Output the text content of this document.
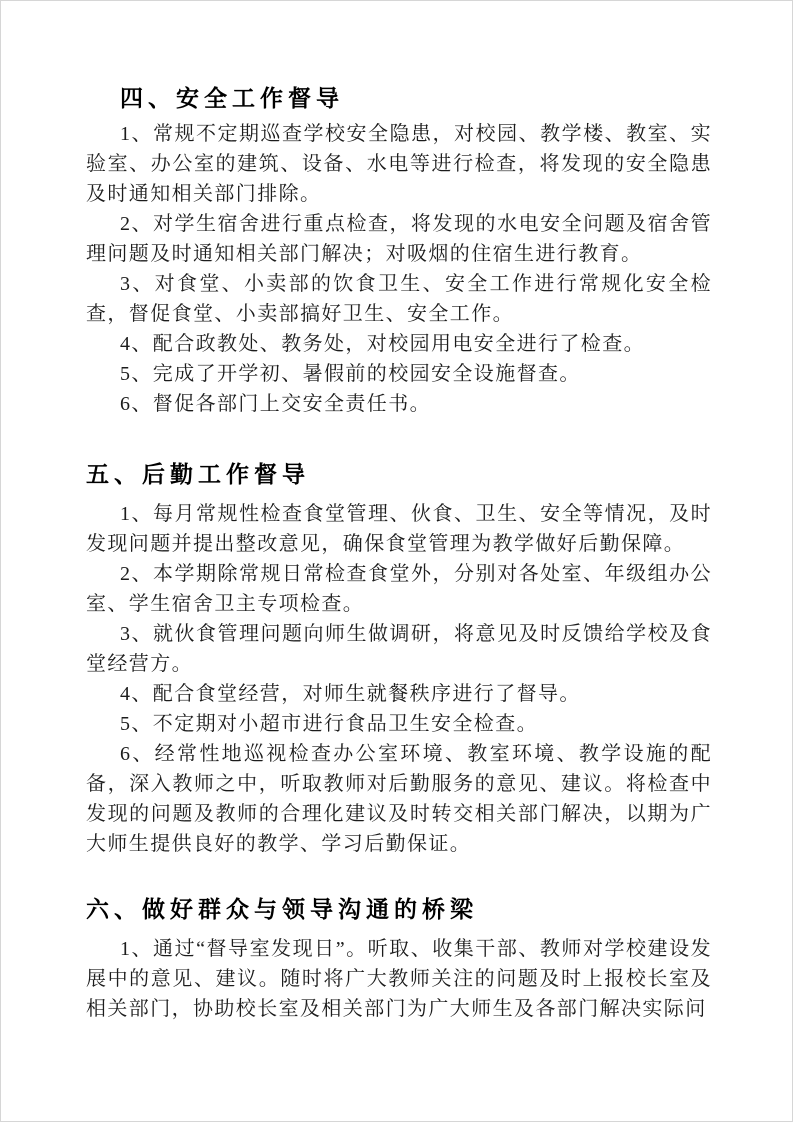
四、安全工作督导

1、常规不定期巡查学校安全隐患，对校园、教学楼、教室、实验室、办公室的建筑、设备、水电等进行检查，将发现的安全隐患及时通知相关部门排除。

2、对学生宿舍进行重点检查，将发现的水电安全问题及宿舍管理问题及时通知相关部门解决；对吸烟的住宿生进行教育。

3、对食堂、小卖部的饮食卫生、安全工作进行常规化安全检查，督促食堂、小卖部搞好卫生、安全工作。

4、配合政教处、教务处，对校园用电安全进行了检查。

5、完成了开学初、暑假前的校园安全设施督查。

6、督促各部门上交安全责任书。

五、后勤工作督导

1、每月常规性检查食堂管理、伙食、卫生、安全等情况，及时发现问题并提出整改意见，确保食堂管理为教学做好后勤保障。

2、本学期除常规日常检查食堂外，分别对各处室、年级组办公室、学生宿舍卫主专项检查。

3、就伙食管理问题向师生做调研，将意见及时反馈给学校及食堂经营方。

4、配合食堂经营，对师生就餐秩序进行了督导。

5、不定期对小超市进行食品卫生安全检查。

6、经常性地巡视检查办公室环境、教室环境、教学设施的配备，深入教师之中，听取教师对后勤服务的意见、建议。将检查中发现的问题及教师的合理化建议及时转交相关部门解决，以期为广大师生提供良好的教学、学习后勤保证。

六、做好群众与领导沟通的桥梁

1、通过“督导室发现日”。听取、收集干部、教师对学校建设发展中的意见、建议。随时将广大教师关注的问题及时上报校长室及相关部门，协助校长室及相关部门为广大师生及各部门解决实际问
